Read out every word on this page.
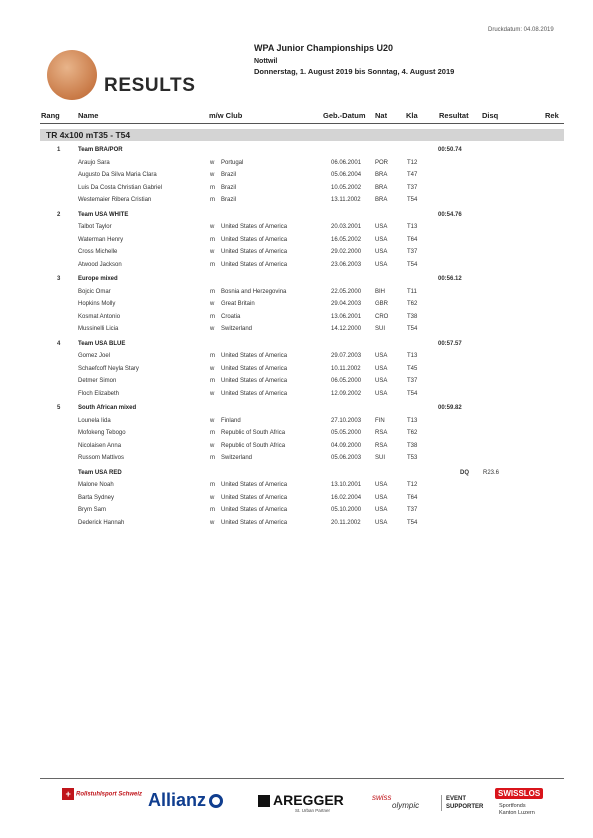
Druckdatum: 04.08.2019
RESULTS
WPA Junior Championships U20
Nottwil
Donnerstag, 1. August 2019 bis Sonntag, 4. August 2019
Rang Name	m/w Club	Geb.-Datum Nat	Kla	Resultat Disq	Rek
TR 4x100 mT35 - T54
1	Team BRA/POR	00:50.74
Araujo Sara	w Portugal	06.06.2001 POR	T12
Augusto Da Silva Maria Clara	w Brazil	05.06.2004 BRA	T47
Luis Da Costa Christian Gabriel	m Brazil	10.05.2002 BRA	T37
Westemaier Ribera Cristian	m Brazil	13.11.2002 BRA	T54
2	Team USA WHITE	00:54.76
Talbot Taylor	w United States of America	20.03.2001 USA	T13
Waterman Henry	m United States of America	16.05.2002 USA	T64
Cross Michelle	w United States of America	29.02.2000 USA	T37
Atwood Jackson	m United States of America	23.06.2003 USA	T54
3	Europe mixed	00:56.12
Bojcic Omar	m Bosnia and Herzegovina	22.05.2000 BIH	T11
Hopkins Molly	w Great Britain	29.04.2003 GBR	T62
Kosmat Antonio	m Croatia	13.06.2001 CRO	T38
Mussinelli Licia	w Switzerland	14.12.2000 SUI	T54
4	Team USA BLUE	00:57.57
Gomez Joel	m United States of America	29.07.2003 USA	T13
Schaefcoff Neyla Stary	w United States of America	10.11.2002 USA	T45
Detmer Simon	m United States of America	06.05.2000 USA	T37
Floch Elizabeth	w United States of America	12.09.2002 USA	T54
5	South African mixed	00:59.82
Lounela Iida	w Finland	27.10.2003 FIN	T13
Mofokeng Tebogo	m Republic of South Africa	05.05.2000 RSA	T62
Nicolaisen Anna	w Republic of South Africa	04.09.2000 RSA	T38
Russom Mattivos	m Switzerland	05.06.2003 SUI	T53
Team USA RED	DQ R23.6
Malone Noah	m United States of America	13.10.2001 USA	T12
Barta Sydney	w United States of America	16.02.2004 USA	T64
Brym Sam	m United States of America	05.10.2000 USA	T37
Dederick Hannah	w United States of America	20.11.2002 USA	T54
+ Rollstuhlsport Schweiz Allianz	AREGGER
St. Urban Partner
swiss
olympic
EVENT
SUPPORTER
SWISSLOS
Sportfonds
Kanton Luzern
